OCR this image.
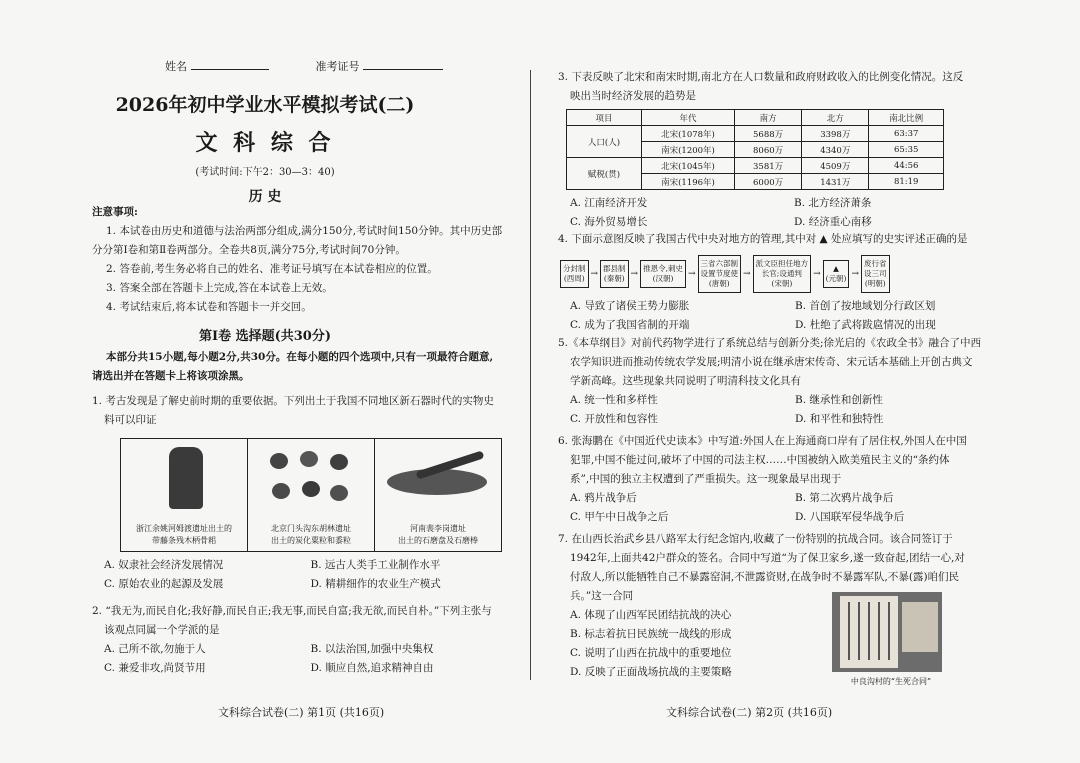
姓名	准考证号
2026年初中学业水平模拟考试(二)
文 科 综 合
(考试时间:下午2：30—3：40)
历 史
注意事项:
1. 本试卷由历史和道德与法治两部分组成,满分150分,考试时间150分钟。其中历史部
分分第Ⅰ卷和第Ⅱ卷两部分。全卷共8页,满分75分,考试时间70分钟。
2. 答卷前,考生务必将自己的姓名、准考证号填写在本试卷相应的位置。
3. 答案全部在答题卡上完成,答在本试卷上无效。
4. 考试结束后,将本试卷和答题卡一并交回。
第Ⅰ卷 选择题(共30分)
本部分共15小题,每小题2分,共30分。在每小题的四个选项中,只有一项最符合题意,
请选出并在答题卡上将该项涂黑。
1. 考古发现是了解史前时期的重要依据。下列出土于我国不同地区新石器时代的实物史
料可以印证
浙江余姚河姆渡遗址出土的
带藤条残木柄骨耜
北京门头沟东胡林遗址
出土的炭化粟粒和黍粒
河南裴李岗遗址
出土的石磨盘及石磨棒
A. 奴隶社会经济发展情况	B. 远古人类手工业制作水平
C. 原始农业的起源及发展	D. 精耕细作的农业生产模式
2. “我无为,而民自化;我好静,而民自正;我无事,而民自富;我无欲,而民自朴。”下列主张与
该观点同属一个学派的是
A. 己所不欲,勿施于人	B. 以法治国,加强中央集权
C. 兼爱非攻,尚贤节用	D. 顺应自然,追求精神自由
文科综合试卷(二) 第1页 (共16页)
3. 下表反映了北宋和南宋时期,南北方在人口数量和政府财政收入的比例变化情况。这反
映出当时经济发展的趋势是
项目	年代	南方	北方	南北比例
人口(人)	北宋(1078年)	5688万	3398万	63:37
	南宋(1200年)	8060万	4340万	65:35
赋税(贯)	北宋(1045年)	3581万	4509万	44:56
	南宋(1196年)	6000万	1431万	81:19
A. 江南经济开发	B. 北方经济萧条
C. 海外贸易增长	D. 经济重心南移
4. 下面示意图反映了我国古代中央对地方的管理,其中对 ▲ 处应填写的史实评述正确的是
分封制
(西周) →
郡县制
(秦朝) →
推恩令,刺史
(汉朝)	→
三省六部制
设置节度使
(唐朝)
→
派文臣担任地方
长官;设通判
(宋朝)
→
▲
(元朝) →
废行省
设三司
(明朝)
A. 导致了诸侯王势力膨胀	B. 首创了按地域划分行政区划
C. 成为了我国省制的开端	D. 杜绝了武将跋扈情况的出现
5.《本草纲目》对前代药物学进行了系统总结与创新分类;徐光启的《农政全书》融合了中西
农学知识进而推动传统农学发展;明清小说在继承唐宋传奇、宋元话本基础上开创古典文
学新高峰。这些现象共同说明了明清科技文化具有
A. 统一性和多样性	B. 继承性和创新性
C. 开放性和包容性	D. 和平性和独特性
6. 张海鹏在《中国近代史读本》中写道:外国人在上海通商口岸有了居住权,外国人在中国
犯罪,中国不能过问,破坏了中国的司法主权……中国被纳入欧美殖民主义的“条约体
系”,中国的独立主权遭到了严重损失。这一现象最早出现于
A. 鸦片战争后	B. 第二次鸦片战争后
C. 甲午中日战争之后	D. 八国联军侵华战争后
7. 在山西长治武乡县八路军太行纪念馆内,收藏了一份特别的抗战合同。该合同签订于
1942年,上面共42户群众的签名。合同中写道“为了保卫家乡,遂一致奋起,团结一心,对
付敌人,所以能牺牲自己不暴露窑洞,不泄露资财,在战争时不暴露军队,不暴(露)咱们民
兵。”这一合同
A. 体现了山西军民团结抗战的决心
B. 标志着抗日民族统一战线的形成
C. 说明了山西在抗战中的重要地位
D. 反映了正面战场抗战的主要策略
文科综合试卷(二) 第2页 (共16页)
中良沟村的“生死合同”
